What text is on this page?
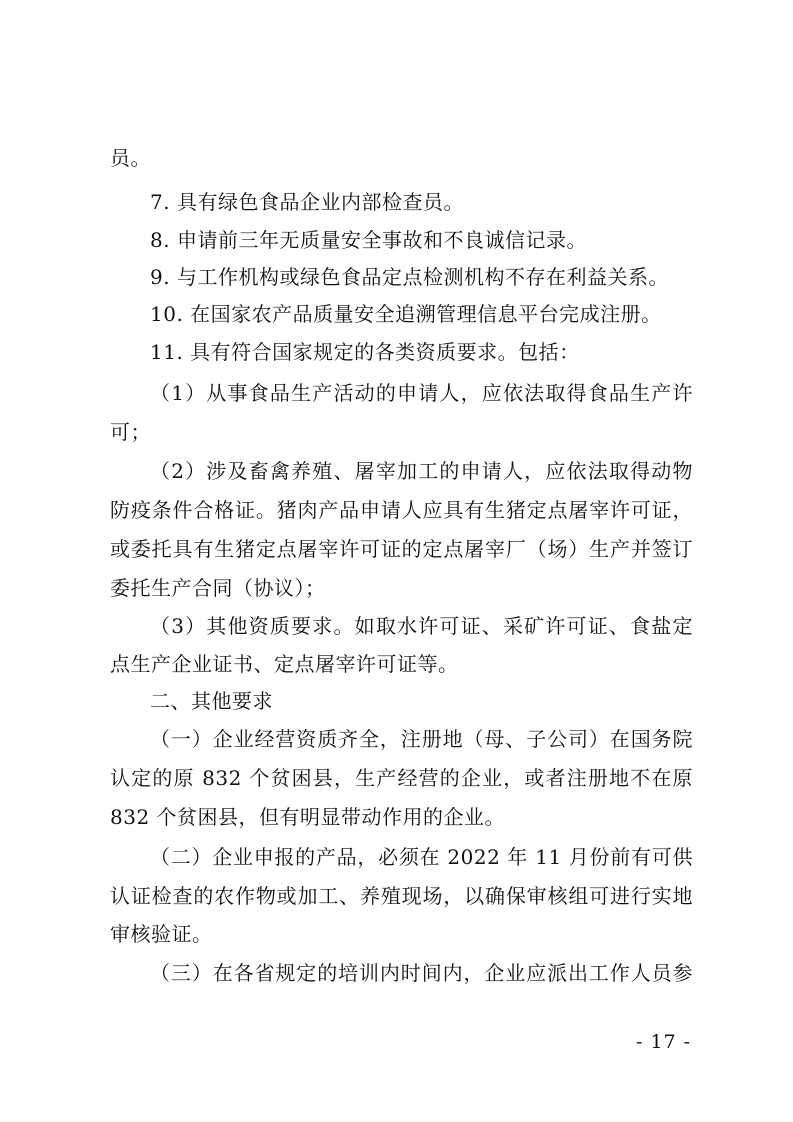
员。
7. 具有绿色食品企业内部检查员。
8. 申请前三年无质量安全事故和不良诚信记录。
9. 与工作机构或绿色食品定点检测机构不存在利益关系。
10. 在国家农产品质量安全追溯管理信息平台完成注册。
11. 具有符合国家规定的各类资质要求。包括：
（1）从事食品生产活动的申请人，应依法取得食品生产许
可；
（2）涉及畜禽养殖、屠宰加工的申请人，应依法取得动物
防疫条件合格证。猪肉产品申请人应具有生猪定点屠宰许可证，
或委托具有生猪定点屠宰许可证的定点屠宰厂（场）生产并签订
委托生产合同（协议）；
（3）其他资质要求。如取水许可证、采矿许可证、食盐定
点生产企业证书、定点屠宰许可证等。
二、其他要求
（一）企业经营资质齐全，注册地（母、子公司）在国务院
认定的原 832 个贫困县，生产经营的企业，或者注册地不在原
832 个贫困县，但有明显带动作用的企业。
（二）企业申报的产品，必须在 2022 年 11 月份前有可供
认证检查的农作物或加工、养殖现场，以确保审核组可进行实地
审核验证。
（三）在各省规定的培训内时间内，企业应派出工作人员参
- 17 -
